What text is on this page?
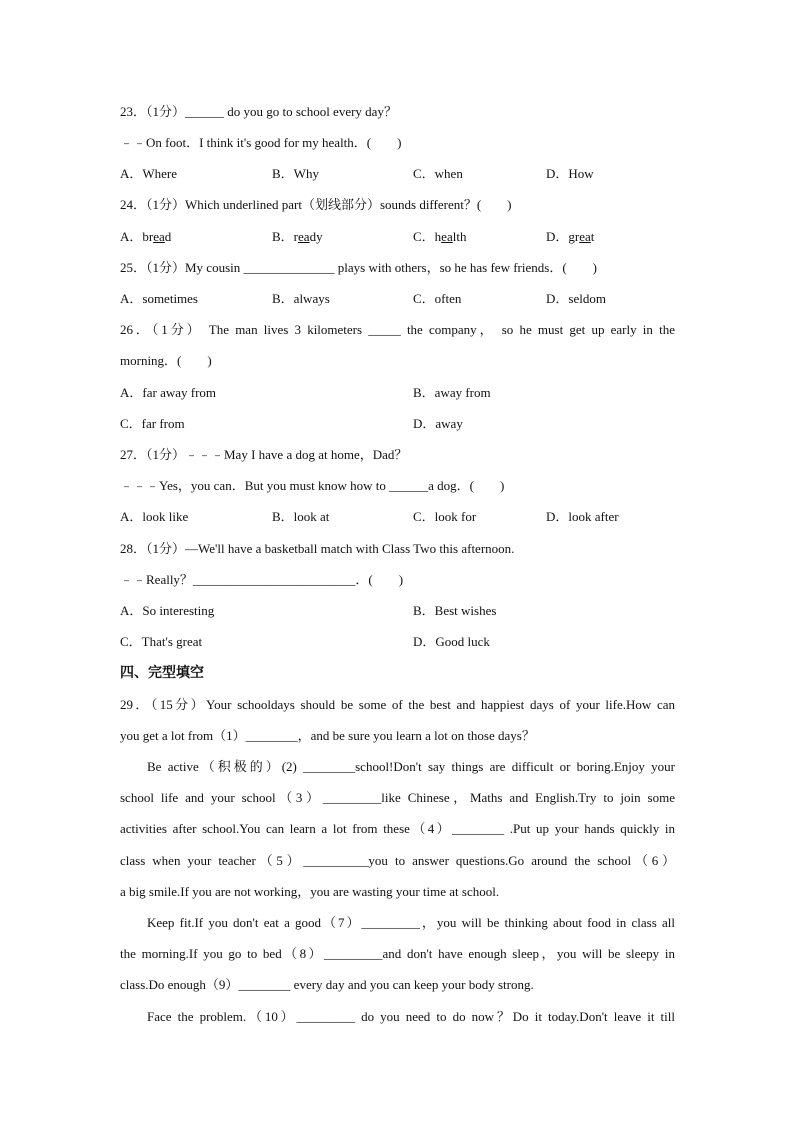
23．（1分）______ do you go to school every day？
﹣﹣On foot．I think it's good for my health．(　　)
A．Where	B．Why	C．when	D．How
24．（1分）Which underlined part（划线部分）sounds different？(　　)
A．bread	B．ready	C．health	D．great
25．（1分）My cousin ______________ plays with others，so he has few friends．(　　)
A．sometimes	B．always	C．often	D．seldom
26．（1分） The man lives 3 kilometers _____ the company， so he must get up early in the
morning．(　　)
A．far away from	B．away from
C．far from	D．away
27．（1分）﹣﹣﹣May I have a dog at home，Dad？
﹣﹣﹣Yes，you can．But you must know how to ______a dog．(　　)
A．look like	B．look at	C．look for	D．look after
28．（1分）—We'll have a basketball match with Class Two this afternoon.
﹣﹣Really？_________________________．(　　)
A．So interesting	B．Best wishes
C．That's great	D．Good luck
四、完型填空
29．（15分）Your schooldays should be some of the best and happiest days of your life.How can
you get a lot from（1）________，and be sure you learn a lot on those days？
Be active（积极的）(2) ________school!Don't say things are difficult or boring.Enjoy your
school life and your school（3）_________like Chinese，Maths and English.Try to join some
activities after school.You can learn a lot from these（4）________ .Put up your hands quickly in
class when your teacher（5）__________you to answer questions.Go around the school（6）
a big smile.If you are not working，you are wasting your time at school.
Keep fit.If you don't eat a good（7）_________，you will be thinking about food in class all
the morning.If you go to bed（8）_________and don't have enough sleep，you will be sleepy in
class.Do enough（9）________ every day and you can keep your body strong.
Face the problem.（10）_________ do you need to do now？Do it today.Don't leave it till
